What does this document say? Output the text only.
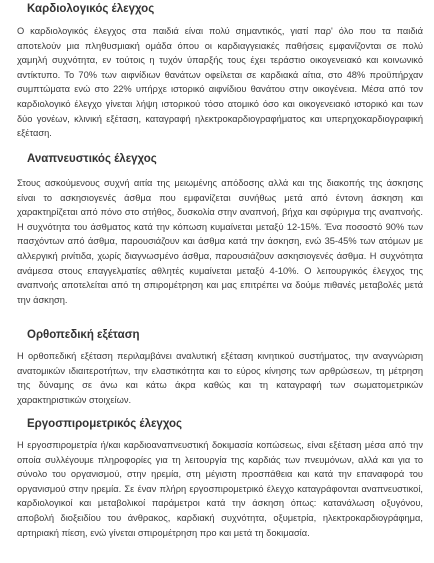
Καρδιολογικός έλεγχος

Ο καρδιολογικός έλεγχος στα παιδιά είναι πολύ σημαντικός, γιατί παρ' όλο που τα παιδιά αποτελούν μια πληθυσμιακή ομάδα όπου οι καρδιαγγειακές παθήσεις εμφανίζονται σε πολύ χαμηλή συχνότητα, εν τούτοις η τυχόν ύπαρξής τους έχει τεράστιο οικογενειακό και κοινωνικό αντίκτυπο. Το 70% των αιφνίδιων θανάτων οφείλεται σε καρδιακά αίτια, στο 48% προϋπήρχαν συμπτώματα ενώ στο 22% υπήρχε ιστορικό αιφνίδιου θανάτου στην οικογένεια. Μέσα από τον καρδιολογικό έλεγχο γίνεται λήψη ιστορικού τόσο ατομικό όσο και οικογενειακό ιστορικό και των δύο γονέων, κλινική εξέταση, καταγραφή ηλεκτροκαρδιογραφήματος και υπερηχοκαρδιογραφική εξέταση.

Αναπνευστικός έλεγχος

Στους ασκούμενους συχνή αιτία της μειωμένης απόδοσης αλλά και της διακοπής της άσκησης είναι το ασκησιογενές άσθμα που εμφανίζεται συνήθως μετά από έντονη άσκηση και χαρακτηρίζεται από πόνο στο στήθος, δυσκολία στην αναπνοή, βήχα και σφύριγμα της αναπνοής. Η συχνότητα του άσθματος κατά την κόπωση κυμαίνεται μεταξύ 12-15%. Ένα ποσοστό 90% των πασχόντων από άσθμα, παρουσιάζουν και άσθμα κατά την άσκηση, ενώ 35-45% των ατόμων με αλλεργική ρινίτιδα, χωρίς διαγνωσμένο άσθμα, παρουσιάζουν ασκησιογενές άσθμα. Η συχνότητα ανάμεσα στους επαγγελματίες αθλητές κυμαίνεται μεταξύ 4-10%. Ο λειτουργικός έλεγχος της αναπνοής αποτελείται από τη σπιρομέτρηση και μας επιτρέπει να δούμε πιθανές μεταβολές μετά την άσκηση.

Ορθοπεδική εξέταση

Η ορθοπεδική εξέταση περιλαμβάνει αναλυτική εξέταση κινητικού συστήματος, την αναγνώριση ανατομικών ιδιαιτεροτήτων, την ελαστικότητα και το εύρος κίνησης των αρθρώσεων, τη μέτρηση της δύναμης σε άνω και κάτω άκρα καθώς και τη καταγραφή των σωματομετρικών χαρακτηριστικών στοιχείων.

Εργοσπιρομετρικός έλεγχος

Η εργοσπιρομετρία ή/και καρδιοαναπνευστική δοκιμασία κοπώσεως, είναι εξέταση μέσα από την οποία συλλέγουμε πληροφορίες για τη λειτουργία της καρδιάς των πνευμόνων, αλλά και για το σύνολο του οργανισμού, στην ηρεμία, στη μέγιστη προσπάθεια και κατά την επαναφορά του οργανισμού στην ηρεμία. Σε έναν πλήρη εργοσπιρομετρικό έλεγχο καταγράφονται αναπνευστικοί, καρδιολογικοί και μεταβολικοί παράμετροι κατά την άσκηση όπως: κατανάλωση οξυγόνου, αποβολή διοξειδίου του άνθρακος, καρδιακή συχνότητα, οξυμετρία, ηλεκτροκαρδιογράφημα, αρτηριακή πίεση, ενώ γίνεται σπιρομέτρηση προ και μετά τη δοκιμασία.
